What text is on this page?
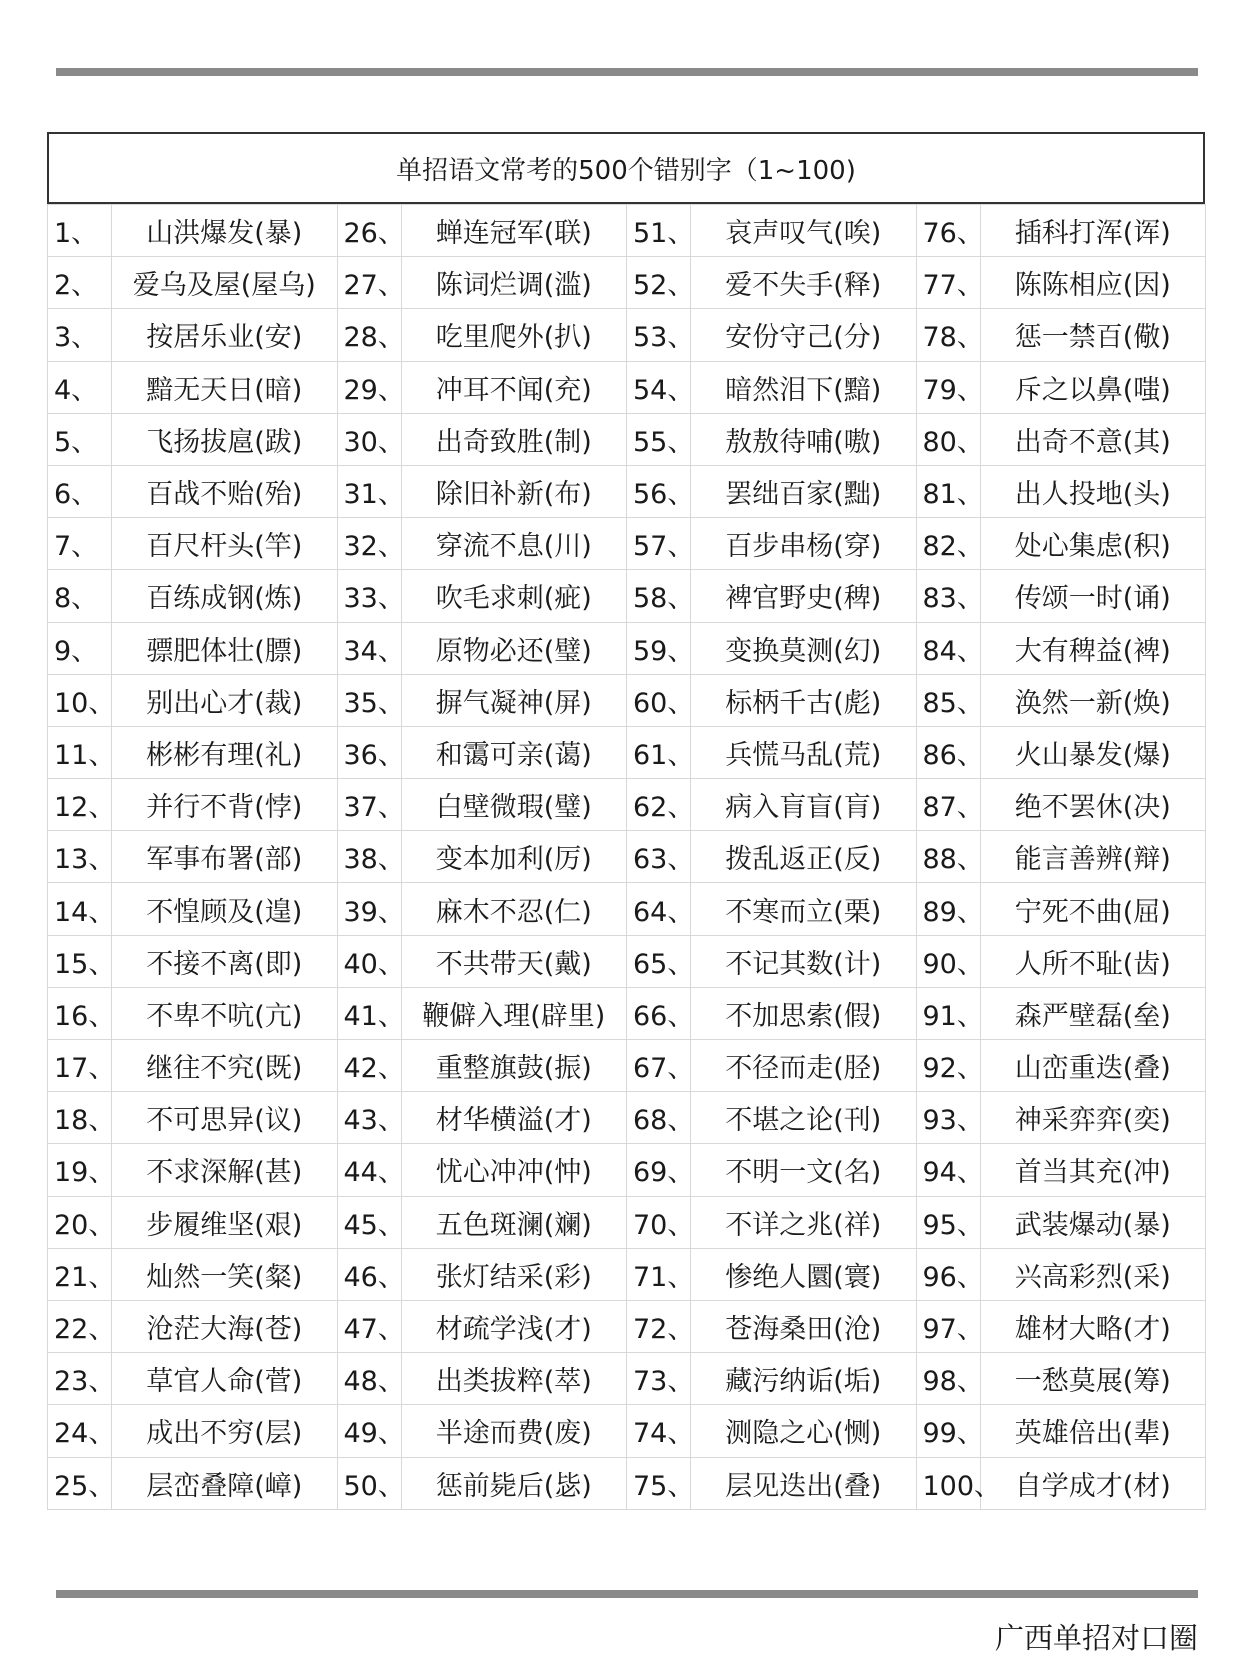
单招语文常考的500个错别字（1~100)
1、	山洪爆发(暴)	26、	蝉连冠军(联)	51、	哀声叹气(唉)	76、	插科打浑(诨)
2、	爱乌及屋(屋乌)	27、	陈词烂调(滥)	52、	爱不失手(释)	77、	陈陈相应(因)
3、	按居乐业(安)	28、	吃里爬外(扒)	53、	安份守己(分)	78、	惩一禁百(儆)
4、	黯无天日(暗)	29、	冲耳不闻(充)	54、	暗然泪下(黯)	79、	斥之以鼻(嗤)
5、	飞扬拔扈(跋)	30、	出奇致胜(制)	55、	敖敖待哺(嗷)	80、	出奇不意(其)
6、	百战不贻(殆)	31、	除旧补新(布)	56、	罢绌百家(黜)	81、	出人投地(头)
7、	百尺杆头(竿)	32、	穿流不息(川)	57、	百步串杨(穿)	82、	处心集虑(积)
8、	百练成钢(炼)	33、	吹毛求刺(疵)	58、	裨官野史(稗)	83、	传颂一时(诵)
9、	骠肥体壮(膘)	34、	原物必还(璧)	59、	变换莫测(幻)	84、	大有稗益(裨)
10、	别出心才(裁)	35、	摒气凝神(屏)	60、	标柄千古(彪)	85、	涣然一新(焕)
11、	彬彬有理(礼)	36、	和霭可亲(蔼)	61、	兵慌马乱(荒)	86、	火山暴发(爆)
12、	并行不背(悖)	37、	白壁微瑕(璧)	62、	病入肓盲(肓)	87、	绝不罢休(决)
13、	军事布署(部)	38、	变本加利(厉)	63、	拨乱返正(反)	88、	能言善辨(辩)
14、	不惶顾及(遑)	39、	麻木不忍(仁)	64、	不寒而立(栗)	89、	宁死不曲(屈)
15、	不接不离(即)	40、	不共带天(戴)	65、	不记其数(计)	90、	人所不耻(齿)
16、	不卑不吭(亢)	41、	鞭僻入理(辟里)	66、	不加思索(假)	91、	森严壁磊(垒)
17、	继往不究(既)	42、	重整旗鼓(振)	67、	不径而走(胫)	92、	山峦重迭(叠)
18、	不可思异(议)	43、	材华横溢(才)	68、	不堪之论(刊)	93、	神采弈弈(奕)
19、	不求深解(甚)	44、	忧心冲冲(忡)	69、	不明一文(名)	94、	首当其充(冲)
20、	步履维坚(艰)	45、	五色斑澜(斓)	70、	不详之兆(祥)	95、	武装爆动(暴)
21、	灿然一笑(粲)	46、	张灯结采(彩)	71、	惨绝人圜(寰)	96、	兴高彩烈(采)
22、	沧茫大海(苍)	47、	材疏学浅(才)	72、	苍海桑田(沧)	97、	雄材大略(才)
23、	草官人命(菅)	48、	出类拔粹(萃)	73、	藏污纳诟(垢)	98、	一愁莫展(筹)
24、	成出不穷(层)	49、	半途而费(废)	74、	测隐之心(恻)	99、	英雄倍出(辈)
25、	层峦叠障(嶂)	50、	惩前毙后(毖)	75、	层见迭出(叠)	100、	自学成才(材)
广西单招对口圈
